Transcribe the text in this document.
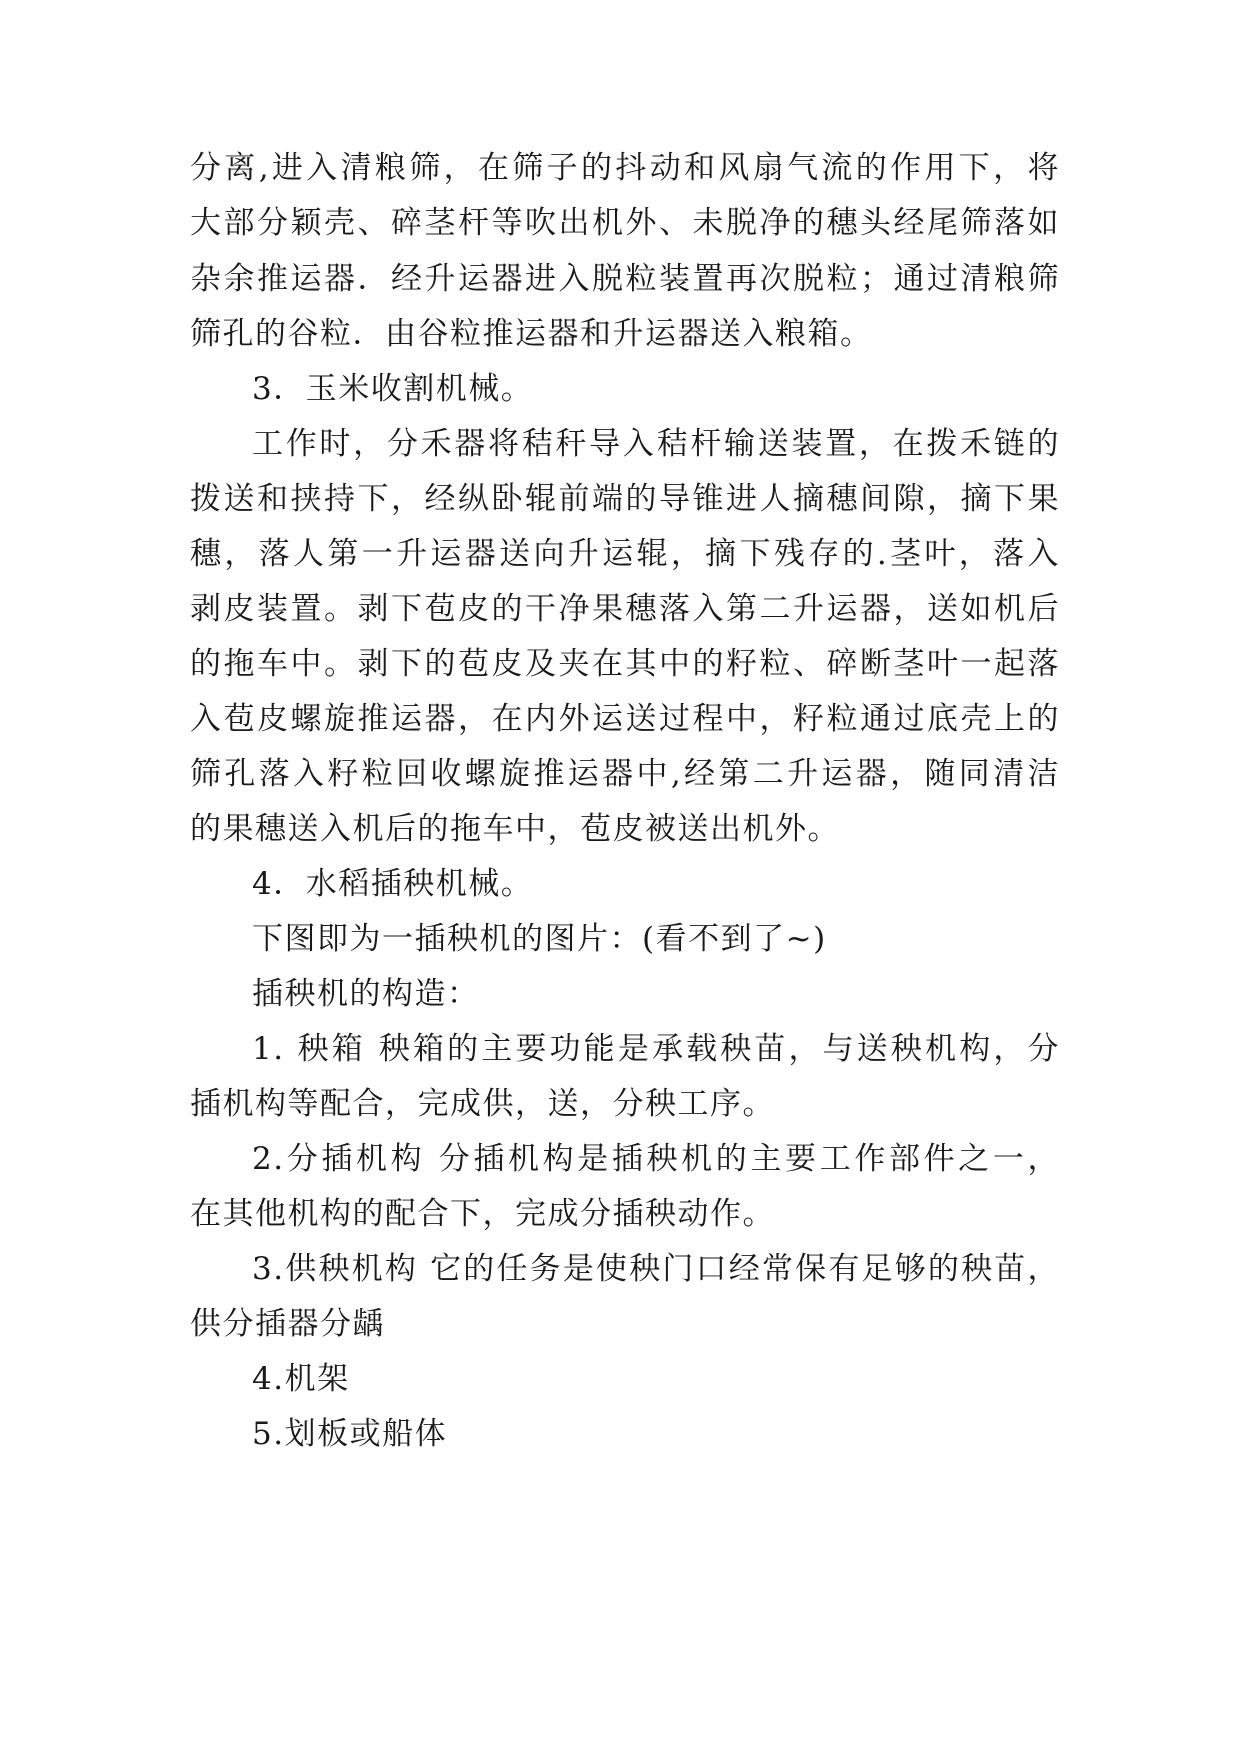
分离,进入清粮筛，在筛子的抖动和风扇气流的作用下，将
大部分颖壳、碎茎杆等吹出机外、未脱净的穗头经尾筛落如
杂余推运器．经升运器进入脱粒装置再次脱粒；通过清粮筛
筛孔的谷粒．由谷粒推运器和升运器送入粮箱。
3．玉米收割机械。
工作时，分禾器将秸秆导入秸杆输送装置，在拨禾链的
拨送和挟持下，经纵卧辊前端的导锥进人摘穗间隙，摘下果
穗，落人第一升运器送向升运辊，摘下残存的.茎叶，落入
剥皮装置。剥下苞皮的干净果穗落入第二升运器，送如机后
的拖车中。剥下的苞皮及夹在其中的籽粒、碎断茎叶一起落
入苞皮螺旋推运器，在内外运送过程中，籽粒通过底壳上的
筛孔落入籽粒回收螺旋推运器中,经第二升运器，随同清洁
的果穗送入机后的拖车中，苞皮被送出机外。
4．水稻插秧机械。
下图即为一插秧机的图片：(看不到了~)
插秧机的构造：
1. 秧箱 秧箱的主要功能是承载秧苗，与送秧机构，分
插机构等配合，完成供，送，分秧工序。
2.分插机构 分插机构是插秧机的主要工作部件之一，
在其他机构的配合下，完成分插秧动作。
3.供秧机构 它的任务是使秧门口经常保有足够的秧苗，
供分插器分龋
4.机架
5.划板或船体
